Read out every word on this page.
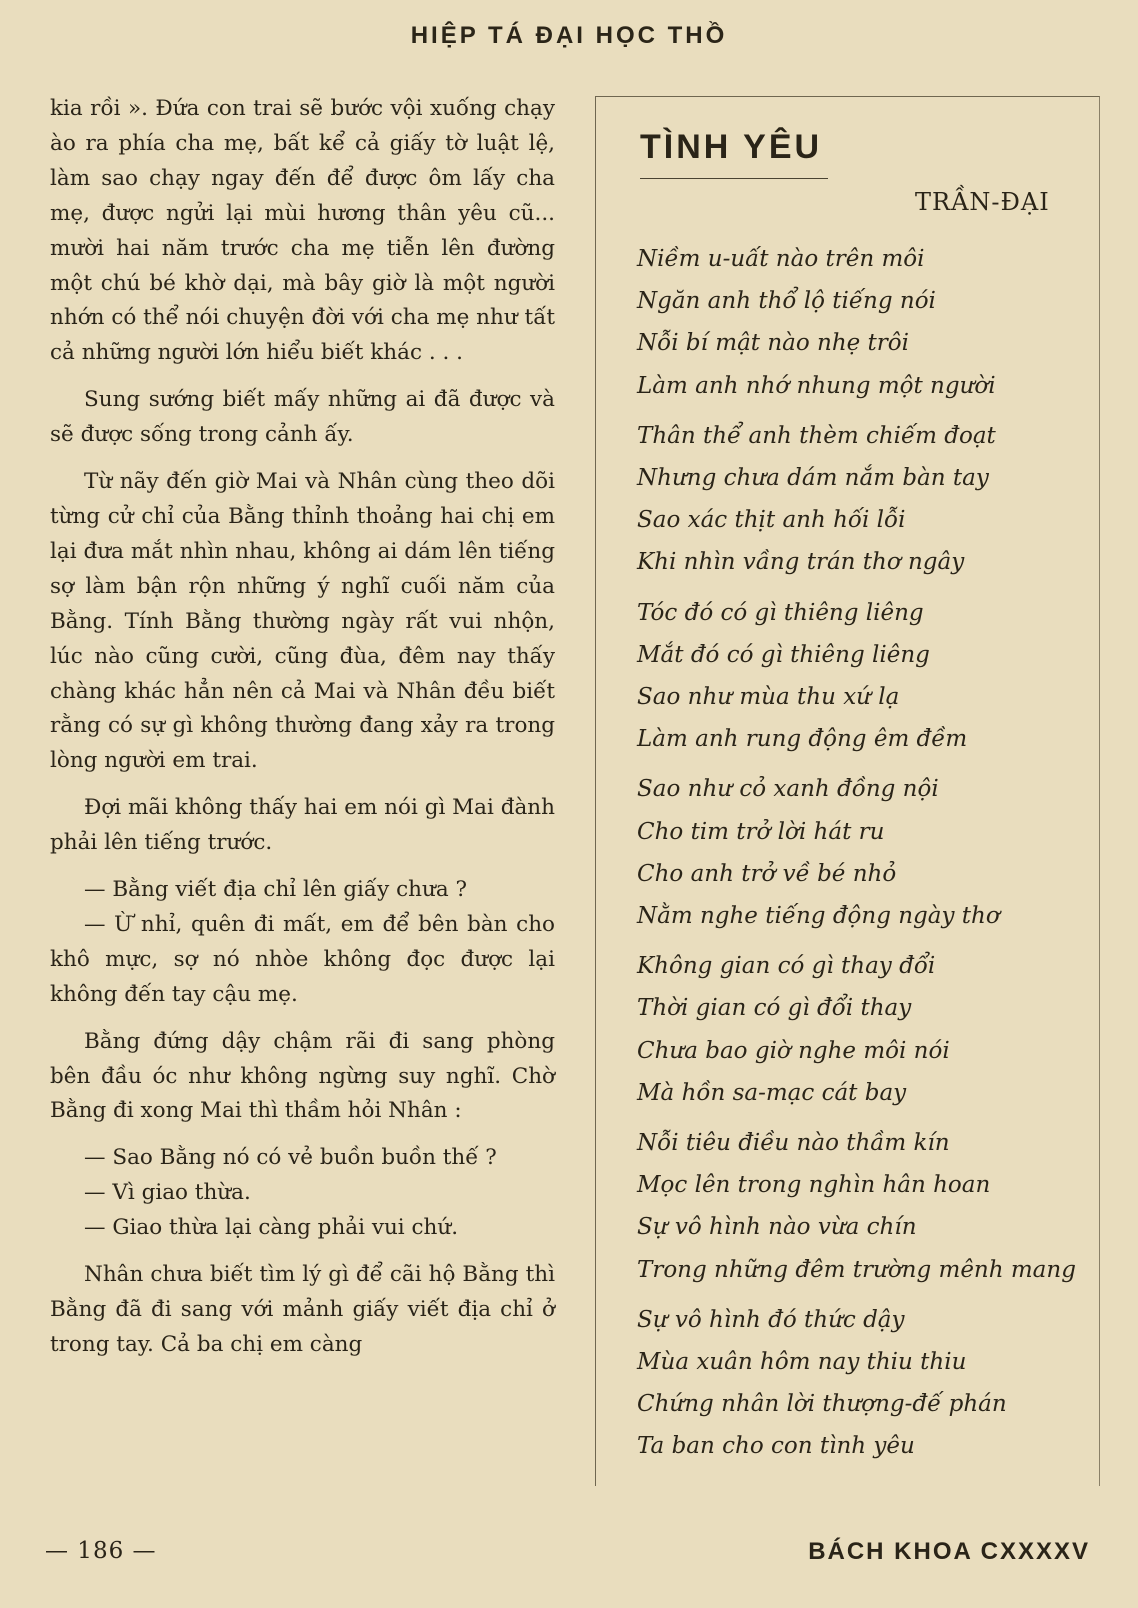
HIỆP TÁ ĐẠI HỌC THỒ

kia rồi ». Đứa con trai sẽ bước vội xuống chạy ào ra phía cha mẹ, bất kể cả giấy tờ luật lệ, làm sao chạy ngay đến để được ôm lấy cha mẹ, được ngửi lại mùi hương thân yêu cũ... mười hai năm trước cha mẹ tiễn lên đường một chú bé khờ dại, mà bây giờ là một người nhớn có thể nói chuyện đời với cha mẹ như tất cả những người lớn hiểu biết khác . . .

Sung sướng biết mấy những ai đã được và sẽ được sống trong cảnh ấy.

Từ nãy đến giờ Mai và Nhân cùng theo dõi từng cử chỉ của Bằng thỉnh thoảng hai chị em lại đưa mắt nhìn nhau, không ai dám lên tiếng sợ làm bận rộn những ý nghĩ cuối năm của Bằng. Tính Bằng thường ngày rất vui nhộn, lúc nào cũng cười, cũng đùa, đêm nay thấy chàng khác hẳn nên cả Mai và Nhân đều biết rằng có sự gì không thường đang xảy ra trong lòng người em trai.

Đợi mãi không thấy hai em nói gì Mai đành phải lên tiếng trước.

— Bằng viết địa chỉ lên giấy chưa ?

— Ừ nhỉ, quên đi mất, em để bên bàn cho khô mực, sợ nó nhòe không đọc được lại không đến tay cậu mẹ.

Bằng đứng dậy chậm rãi đi sang phòng bên đầu óc như không ngừng suy nghĩ. Chờ Bằng đi xong Mai thì thầm hỏi Nhân :

— Sao Bằng nó có vẻ buồn buồn thế ?

— Vì giao thừa.

— Giao thừa lại càng phải vui chứ.

Nhân chưa biết tìm lý gì để cãi hộ Bằng thì Bằng đã đi sang với mảnh giấy viết địa chỉ ở trong tay. Cả ba chị em càng

TÌNH YÊU
TRẦN-ĐẠI
Niềm u-uất nào trên môi
Ngăn anh thổ lộ tiếng nói
Nỗi bí mật nào nhẹ trôi
Làm anh nhớ nhung một người
Thân thể anh thèm chiếm đoạt
Nhưng chưa dám nắm bàn tay
Sao xác thịt anh hối lỗi
Khi nhìn vầng trán thơ ngây
Tóc đó có gì thiêng liêng
Mắt đó có gì thiêng liêng
Sao như mùa thu xứ lạ
Làm anh rung động êm đềm
Sao như cỏ xanh đồng nội
Cho tim trở lời hát ru
Cho anh trở về bé nhỏ
Nằm nghe tiếng động ngày thơ
Không gian có gì thay đổi
Thời gian có gì đổi thay
Chưa bao giờ nghe môi nói
Mà hồn sa-mạc cát bay
Nỗi tiêu điều nào thầm kín
Mọc lên trong nghìn hân hoan
Sự vô hình nào vừa chín
Trong những đêm trường mênh mang
Sự vô hình đó thức dậy
Mùa xuân hôm nay thiu thiu
Chứng nhân lời thượng-đế phán
Ta ban cho con tình yêu
— 186 —	BÁCH KHOA CXXXXV
